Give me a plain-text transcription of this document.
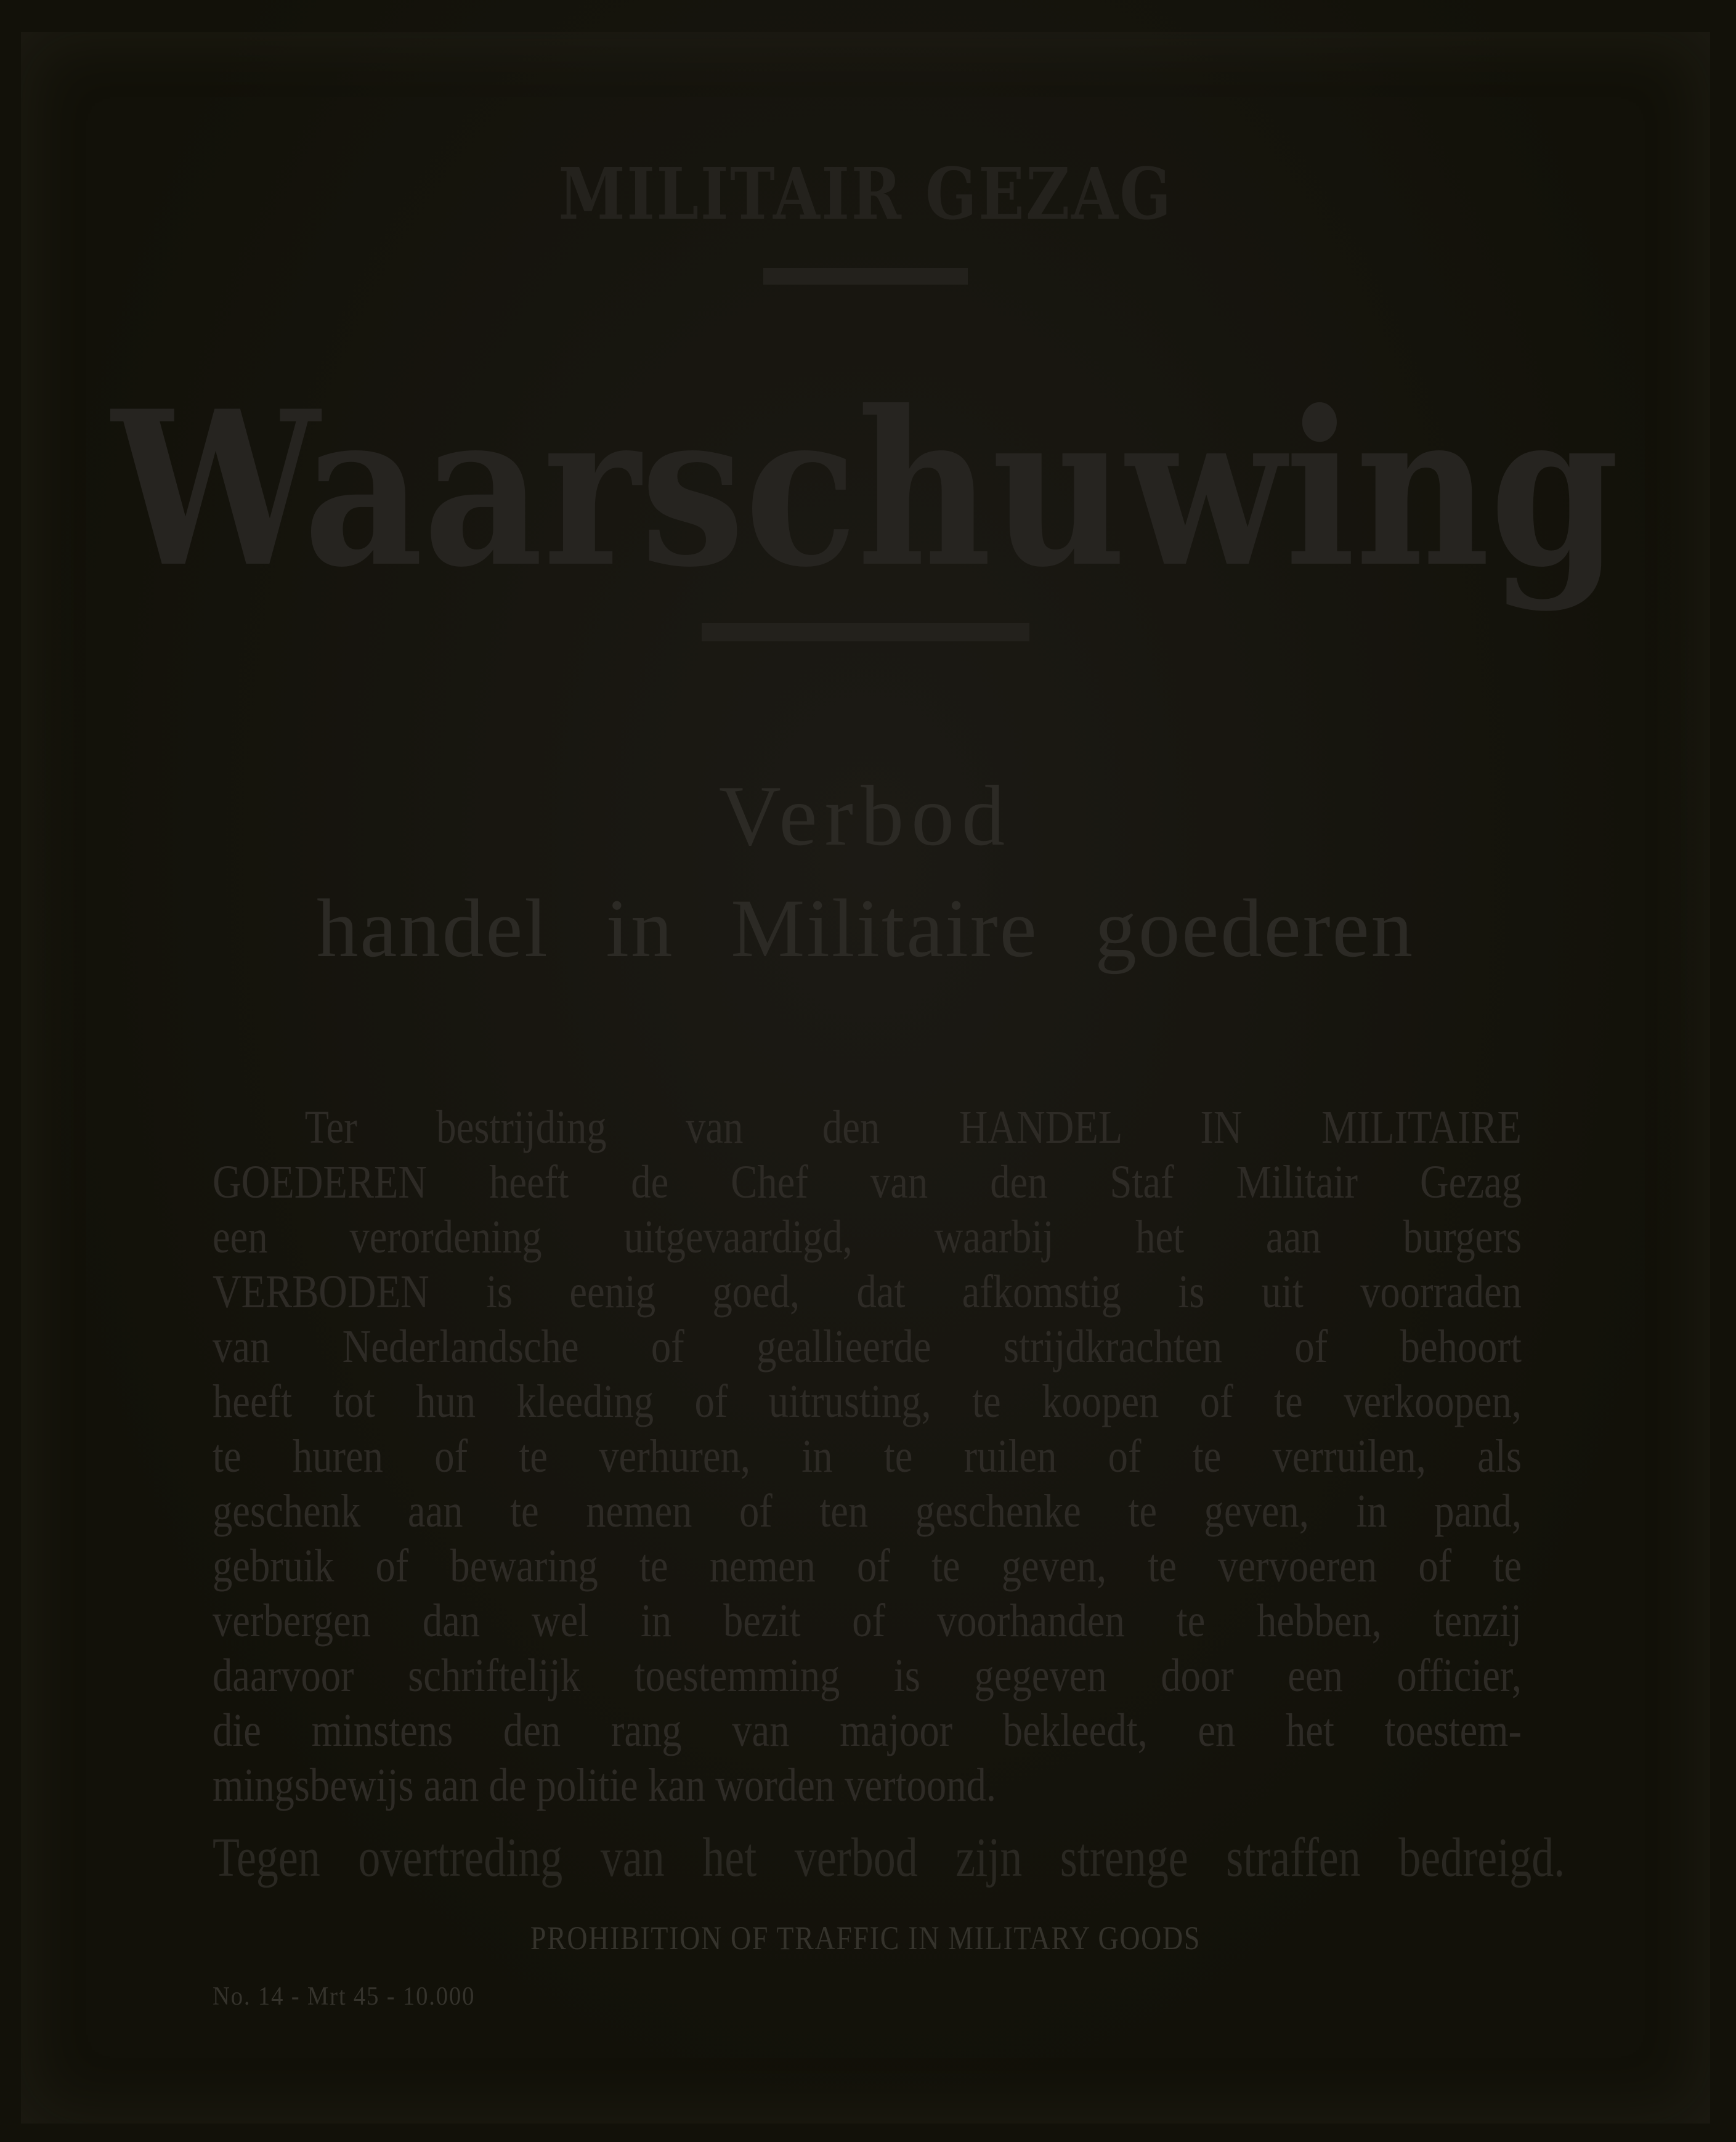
MILITAIR GEZAG
Waarschuwing
Verbod
handel in Militaire goederen
Ter bestrijding van den HANDEL IN MILITAIRE
GOEDEREN heeft de Chef van den Staf Militair Gezag
een verordening uitgevaardigd, waarbij het aan burgers
VERBODEN is eenig goed, dat afkomstig is uit voorraden
van Nederlandsche of geallieerde strijdkrachten of behoort
heeft tot hun kleeding of uitrusting, te koopen of te verkoopen,
te huren of te verhuren, in te ruilen of te verruilen, als
geschenk aan te nemen of ten geschenke te geven, in pand,
gebruik of bewaring te nemen of te geven, te vervoeren of te
verbergen dan wel in bezit of voorhanden te hebben, tenzij
daarvoor schriftelijk toestemming is gegeven door een officier,
die minstens den rang van majoor bekleedt, en het toestem-
mingsbewijs aan de politie kan worden vertoond.
Tegen overtreding van het verbod zijn strenge straffen bedreigd.
PROHIBITION OF TRAFFIC IN MILITARY GOODS
No. 14 - Mrt 45 - 10.000
